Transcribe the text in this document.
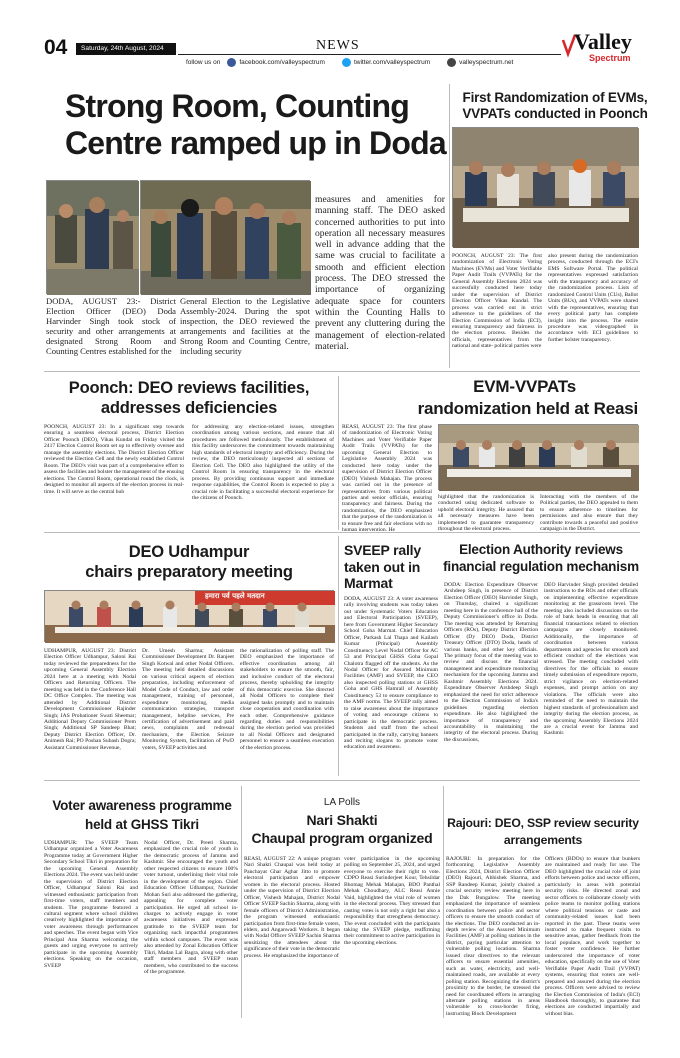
04	Saturday, 24th August, 2024	NEWS
follow us on	facebook.com/valleyspectrum	twitter.com/valleyspectrum	valleyspectrum.net
Valley
Spectrum
Strong Room, Counting
Centre ramped up in Doda
DODA, AUGUST 23:- District Election Officer (DEO) Doda Harvinder Singh took stock of security and other arrangements at designated Strong Room and Counting Centres established for the
General Election to the Legislative Assembly-2024. During the spot inspection, the DEO reviewed the arrangements and facilities at the Strong Room and Counting Centre, including security
measures and amenities for manning staff. The DEO asked concerned authorities to put into operation all necessary measures well in advance adding that the same was crucial to facilitate a smooth and efficient election process. The DEO stressed the importance of organizing adequate space for counters within the Counting Halls to prevent any cluttering during the management of election-related material.
First Randomization of EVMs,
VVPATs conducted in Poonch
POONCH, AUGUST 23: The first randomization of Electronic Voting Machines (EVMs) and Voter Verifiable Paper Audit Trails (VVPATs) for the General Assembly Elections 2024 was successfully conducted here today under the supervision of District Election Officer Vikas Kundal. The process was carried out in strict adherence to the guidelines of the Election Commission of India (ECI), ensuring transparency and fairness in the election process. Besides the officials, representatives from the national and state- political parties were
also present during the randomization process, conducted through the ECI's EMS Software Portal. The political representatives expressed satisfaction with the transparency and accuracy of the randomization process. Lists of randomized Control Units (CUs), Ballot Units (BUs), and VVPATs were shared with the representatives, ensuring that every political party has complete insight into the process. The entire procedure was videographed in accordance with ECI guidelines to further bolster transparency.
Poonch: DEO reviews facilities,
addresses deficiencies
POONCH, AUGUST 23: In a significant step towards ensuring a seamless electoral process, District Election Officer Poonch (DEO), Vikas Kundal on Friday visited the 2417 Election Control Room set up to effectively oversee and manage the assembly elections. The District Election Officer reviewed the Election Cell and the newly established Control Room. The DEO's visit was part of a comprehensive effort to assess the facilities and bolster the management of the ensuing elections. The Control Room, operational round the clock, is designed to monitor all aspects of the election process in real-time. It will serve as the central hub
for addressing any election-related issues, strengthen coordination among various sections, and ensure that all procedures are followed meticulously. The establishment of this facility underscores the commitment towards maintaining high standards of electoral integrity and efficiency. During the review, the DEO meticulously inspected all sections of Election Cell. The DEO also highlighted the utility of the Control Room in ensuring transparency in the electoral process. By providing continuous support and immediate response capabilities, the Control Room is expected to play a crucial role in facilitating a successful electoral experience for the citizens of Poonch.
EVM-VVPATs
randomization held at Reasi
REASI, AUGUST 23: The first phase of randomization of Electronic Voting Machines and Voter Verifiable Paper Audit Trails (VVPATs) for the upcoming General Election to Legislative Assembly 2024 was conducted here today under the supervision of District Election Officer (DEO) Vishesh Mahajan. The process was carried out in the presence of representatives from various political parties and senior officials, ensuring transparency and fairness. During the randomization, the DEO emphasized that the purpose of the randomization is to ensure free and fair elections with no human intervention. He
highlighted that the randomization is conducted using dedicated software to uphold electoral integrity. He assured that all necessary measures have been implemented to guarantee transparency throughout the electoral process.
Interacting with the members of the Political parties, the DEO appealed to them to ensure adherence to timelines for permissions and also ensure that they contribute towards a peaceful and positive campaign in the District.
DEO Udhampur
chairs preparatory meeting
हमारा पर्व पहले मतदान
UDHAMPUR, AUGUST 23: District Election Officer Udhampur, Saloni Rai today reviewed the preparedness for the upcoming General Assembly Election 2024 here at a meeting with Nodal Officers and Returning Officers. The meeting was held in the Conference Hall DC Office Complex. The meeting was attended by Additional District Development Commissioner Rajinder Singh; IAS Probationer Swati Sheemar; Additional Deputy Commissioner Prem Singh; Additional SP Sandeep Bhat; Deputy District Election Officer, Dr. Animesh Rai; PO Poshan Subash Dogra; Assistant Commissioner Revenue,
Dr. Umesh Sharma; Assistant Commissioner Development Dr. Ranjeet Singh Kotwal and other Nodal Officers. The meeting held detailed discussions on various critical aspects of election preparation, including enforcement of Model Code of Conduct, law and order management, training of personnel, expenditure monitoring, media communication strategies, transport management, helpline services, Pre certification of advertisement and paid news, complaints and redressal mechanism, the Election Seizure Monitoring System, facilitation of PwD voters, SVEEP activities and
the rationalization of polling staff. The DEO emphasized the importance of effective coordination among all stakeholders to ensure the smooth, fair, and inclusive conduct of the electoral process, thereby upholding the integrity of this democratic exercise. She directed all Nodal Officers to complete their assigned tasks promptly and to maintain close cooperation and coordination with each other. Comprehensive guidance regarding duties and responsibilities during the election period was provided to all Nodal Officers and designated personnel to ensure a seamless execution of the election process.
SVEEP rally
taken out in
Marmat
DODA, AUGUST 23: A voter awareness rally involving students was today taken out under Systematic Voters Education and Electoral Participation (SVEEP), here from Government Higher Secondary School Goha Marmat. Chief Education Officer, Parkash Lal Thapa and Kailash Kumar (Principal) Assembly Constituency Level Nodal Officer for AC 53 and Principal GHSS Goha Gopal Chalotra flagged off the students. As the Nodal Officer for Assured Minimum Facilities (AMF) and SVEEP, the CEO also inspected polling stations at GHSS Goha and GHS Hamrall of Assembly Constituency 53 to ensure compliance to the AMF norms. The SVEEP rally aimed to raise awareness about the importance of voting and encourage citizens to participate in the democratic process. Students and staff from the school participated in the rally, carrying banners and reciting slogans to promote voter education and awareness.
Election Authority reviews
financial regulation mechanism
DODA: Election Expenditure Observer Arshdeep Singh, in presence of District Election Officer (DEO) Harvinder Singh, on Thursday, chaired a significant meeting here in the conference hall of the Deputy Commissioner's office in Doda. The meeting was attended by Returning Officers (ROs), Deputy District Election Officer (Dy DEO) Doda, District Treasury Officer (DTO) Doda, heads of various banks, and other key officials. The primary focus of the meeting was to review and discuss the financial management and expenditure monitoring mechanism for the upcoming Jammu and Kashmir Assembly Elections 2024. Expenditure Observer Arshdeep Singh emphasized the need for strict adherence to the Election Commission of India's guidelines regarding election expenditure. He also highlighted the importance of transparency and accountability in maintaining the integrity of the electoral process. During the discussions,
DEO Harvinder Singh provided detailed instructions to the ROs and other officials on implementing effective expenditure monitoring at the grassroots level. The meeting also included discussions on the role of bank heads in ensuring that all financial transactions related to election campaigns are closely monitored. Additionally, the importance of coordination between various departments and agencies for smooth and efficient conduct of the elections was stressed. The meeting concluded with directives for the officials to ensure timely submission of expenditure reports, strict vigilance on election-related expenses, and prompt action on any violations. The officials were also reminded of the need to maintain the highest standards of professionalism and integrity during the election process, as the upcoming Assembly Elections 2024 are a crucial event for Jammu and Kashmir.
Voter awareness programme
held at GHSS Tikri
UDHAMPUR: The SVEEP Team Udhampur organized a Voter Awareness Programme today at Government Higher Secondary School Tikri in preparation for the upcoming General Assembly Elections 2024. The event was held under the supervision of District Election Officer, Udhampur Saloni Rai and witnessed enthusiastic participation from first-time voters, staff members and students. The programme featured a cultural segment where school children creatively highlighted the importance of voter awareness through performances and speeches. The event began with Vice Principal Anu Sharma welcoming the guests and urging everyone to actively participate in the upcoming Assembly elections. Speaking on the occasion, SVEEP
Nodal Officer, Dr. Preeti Sharma, emphasized the crucial role of youth in the democratic process of Jammu and Kashmir. She encouraged the youth and other respected citizens to ensure 100% voter turnout, underlining their vital role in the development of the region. Chief Education Officer Udhampur, Narinder Mohan Suri also addressed the gathering, appealing for complete voter participation. He urged all school in-charges to actively engage in voter awareness initiatives and expressed gratitude to the SVEEP team for organizing such impactful programmes within school campuses. The event was also attended by Zonal Education Officer Tikri, Madan Lal Bagra, along with other staff members and SVEEP team members, who contributed to the success of the programme.
LA Polls
Nari Shakti
Chaupal program organized
REASI, AUGUST 22: A unique program Nari Shakti Chaupal was held today at Panchayat Ghar Aghar Jitto to promote electoral participation and empower women in the electoral process. Hosted under the supervision of District Election Officer, Vishesh Mahajan, District Nodal Officer SVEEP Sachin Sharma, along with female officers of District Administration, the program witnessed enthusiastic participation from first-time female voters, elders, and Anganwadi Workers. It began with Nodal Officer SVEEP Sachin Sharma sensitizing the attendees about the significance of their vote in the democratic process. He emphasized the importance of
voter participation in the upcoming polling on September 25, 2024, and urged everyone to exercise their right to vote. CDPO Reasi Surinderjeet Kour, Tehsildar Bhomag Mehak Mahajan, BDO Panthal Mehak Choudhary, ALC Reasi Annie Vaid, highlighted the vital role of women in the electoral process. They stressed that casting votes is not only a right but also a responsibility that strengthens democracy. The event concluded with the participants taking the SVEEP pledge, reaffirming their commitment to active participation in the upcoming elections.
Rajouri: DEO, SSP review security
arrangements
RAJOURI: In preparation for the forthcoming Legislative Assembly Elections 2024, District Election Officer (DEO) Rajouri, Abhishek Sharma, and SSP Randeep Kumar, jointly chaired a crucial security review meeting here in the Dak Bungalow. The meeting emphasized the importance of seamless coordination between police and sector officers to ensure the smooth conduct of the elections. The DEO conducted an in-depth review of the Assured Minimum Facilities (AMF) at polling stations in the district, paying particular attention to vulnerable polling locations. Sharma issued clear directives to the relevant officers to ensure essential amenities, such as water, electricity, and well-maintained roads, are available at every polling station. Recognizing the district's proximity to the border, he stressed the need for coordinated efforts in arranging alternate polling stations in areas vulnerable to cross-border firing, instructing Block Development
Officers (BDOs) to ensure that bunkers are maintained and ready for use. The DEO highlighted the crucial role of joint efforts between police and sector officers, particularly in areas with potential security risks. He directed zonal and sector officers to collaborate closely with police teams to monitor polling stations where political tensions or caste and community-related issues had been reported in the past. These teams were instructed to make frequent visits to sensitive areas, gather feedback from the local populace, and work together to foster voter confidence. He further underscored the importance of voter education, specifically on the use of Voter Verifiable Paper Audit Trail (VVPAT) systems, ensuring that voters are well-prepared and assured during the election process. Officers were advised to review the Election Commission of India's (ECI) Handbook thoroughly, to guarantee that elections are conducted impartially and without bias.
